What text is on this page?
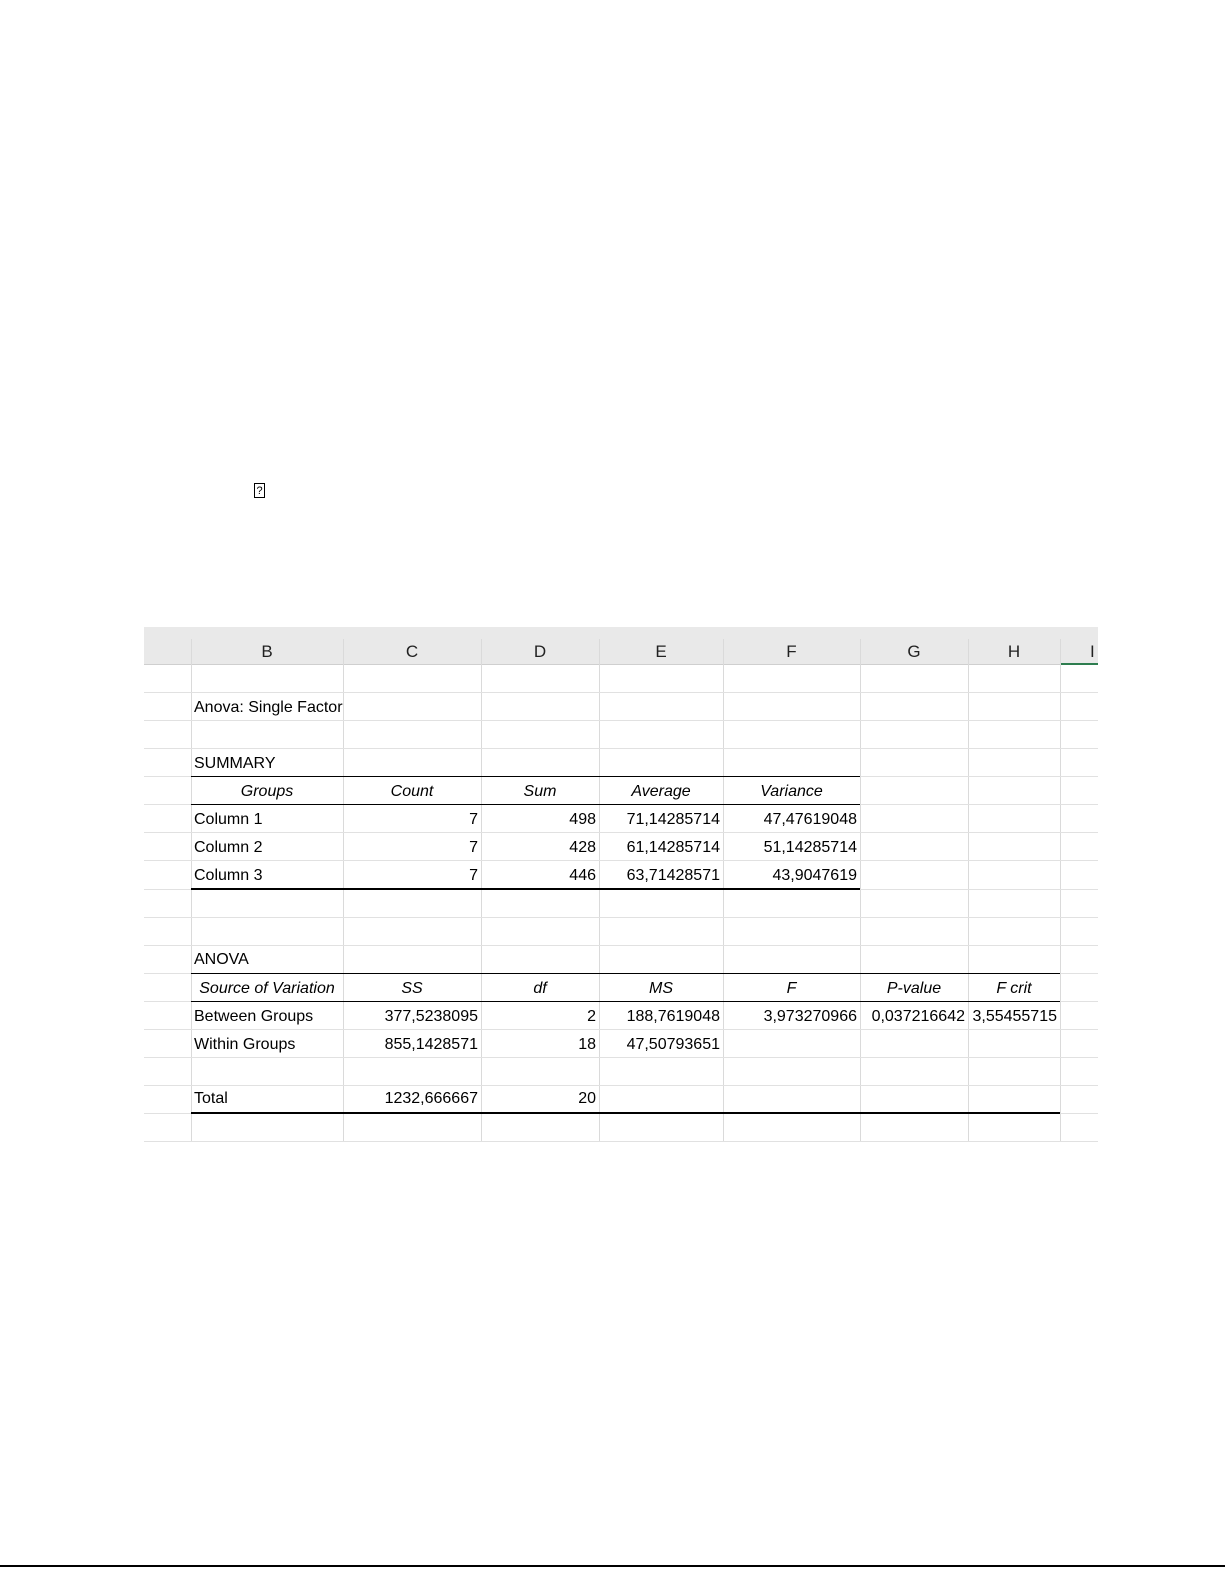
?
B	C	D	E	F	G	H	I
Anova: Single Factor
SUMMARY
Groups	Count	Sum	Average	Variance
Column 1	7	498	71,14285714	47,47619048
Column 2	7	428	61,14285714	51,14285714
Column 3	7	446	63,71428571	43,9047619
ANOVA
Source of Variation	SS	df	MS	F	P-value	F crit
Between Groups	377,5238095	2	188,7619048	3,973270966 0,037216642 3,55455715
Within Groups	855,1428571	18	47,50793651
Total	1232,666667	20
